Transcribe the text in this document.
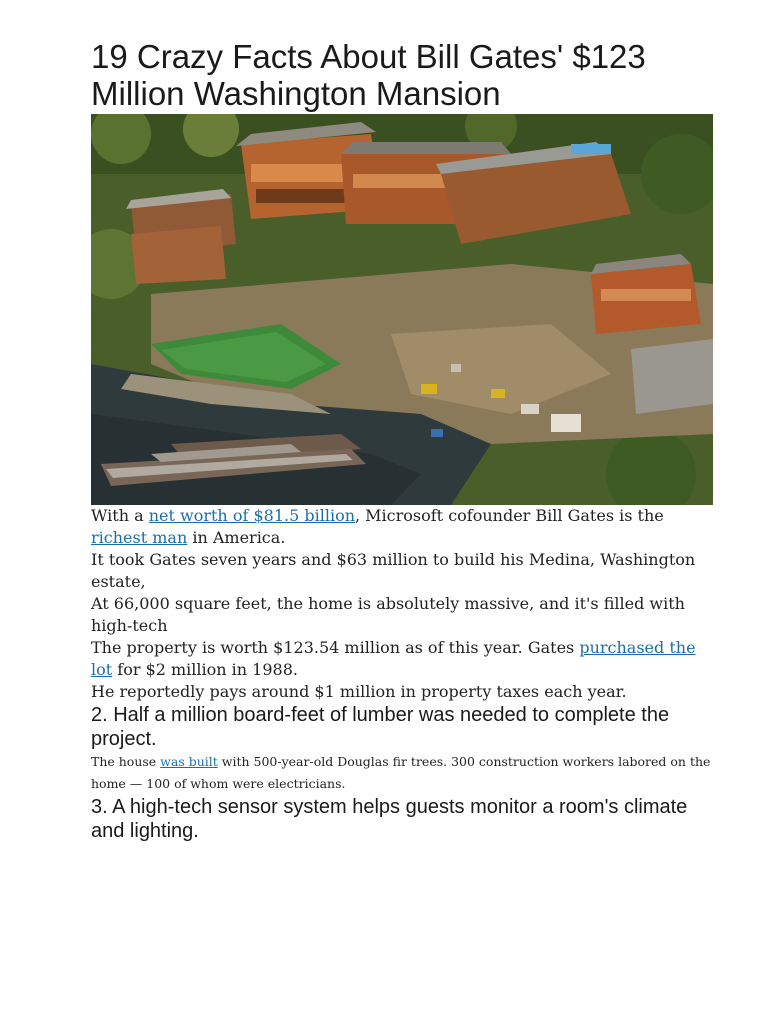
19 Crazy Facts About Bill Gates' $123 Million Washington Mansion

With a net worth of $81.5 billion, Microsoft cofounder Bill Gates is the richest man in America.

It took Gates seven years and $63 million to build his Medina, Washington estate,

At 66,000 square feet, the home is absolutely massive, and it's filled with high-tech

The property is worth $123.54 million as of this year. Gates purchased the lot for $2 million in 1988.

He reportedly pays around $1 million in property taxes each year.

2. Half a million board-feet of lumber was needed to complete the project.

The house was built with 500-year-old Douglas fir trees. 300 construction workers labored on the home — 100 of whom were electricians.

3. A high-tech sensor system helps guests monitor a room's climate and lighting.
